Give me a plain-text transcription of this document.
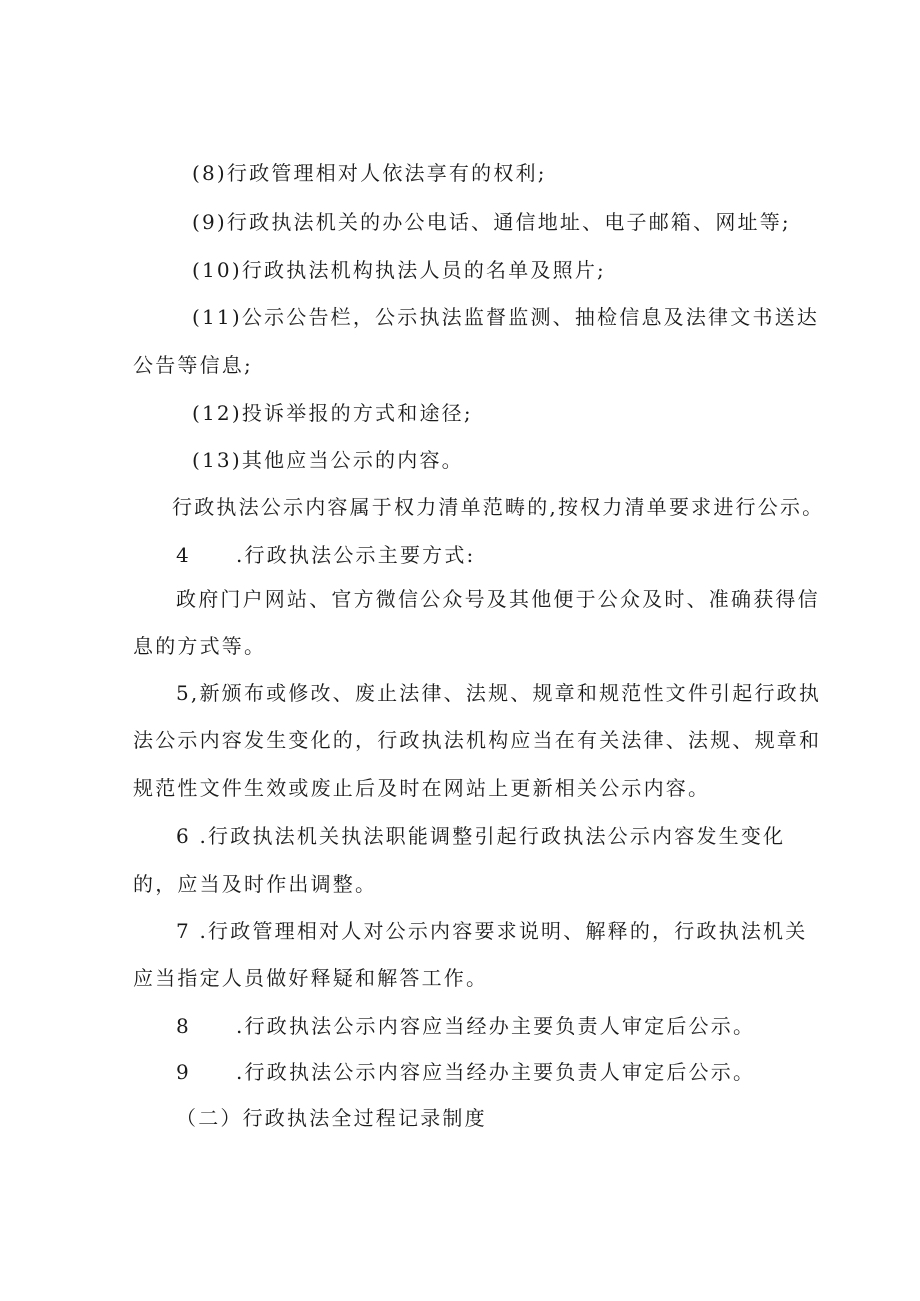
(8)行政管理相对人依法享有的权利;
(9)行政执法机关的办公电话、通信地址、电子邮箱、网址等;
(10)行政执法机构执法人员的名单及照片;
(11)公示公告栏，公示执法监督监测、抽检信息及法律文书送达
公告等信息;
(12)投诉举报的方式和途径;
(13)其他应当公示的内容。
行政执法公示内容属于权力清单范畴的,按权力清单要求进行公示。
4 .行政执法公示主要方式:
政府门户网站、官方微信公众号及其他便于公众及时、准确获得信
息的方式等。
5,新颁布或修改、废止法律、法规、规章和规范性文件引起行政执
法公示内容发生变化的，行政执法机构应当在有关法律、法规、规章和
规范性文件生效或废止后及时在网站上更新相关公示内容。
6 .行政执法机关执法职能调整引起行政执法公示内容发生变化
的，应当及时作出调整。
7 .行政管理相对人对公示内容要求说明、解释的，行政执法机关
应当指定人员做好释疑和解答工作。
8 .行政执法公示内容应当经办主要负责人审定后公示。
9 .行政执法公示内容应当经办主要负责人审定后公示。
（二）行政执法全过程记录制度
